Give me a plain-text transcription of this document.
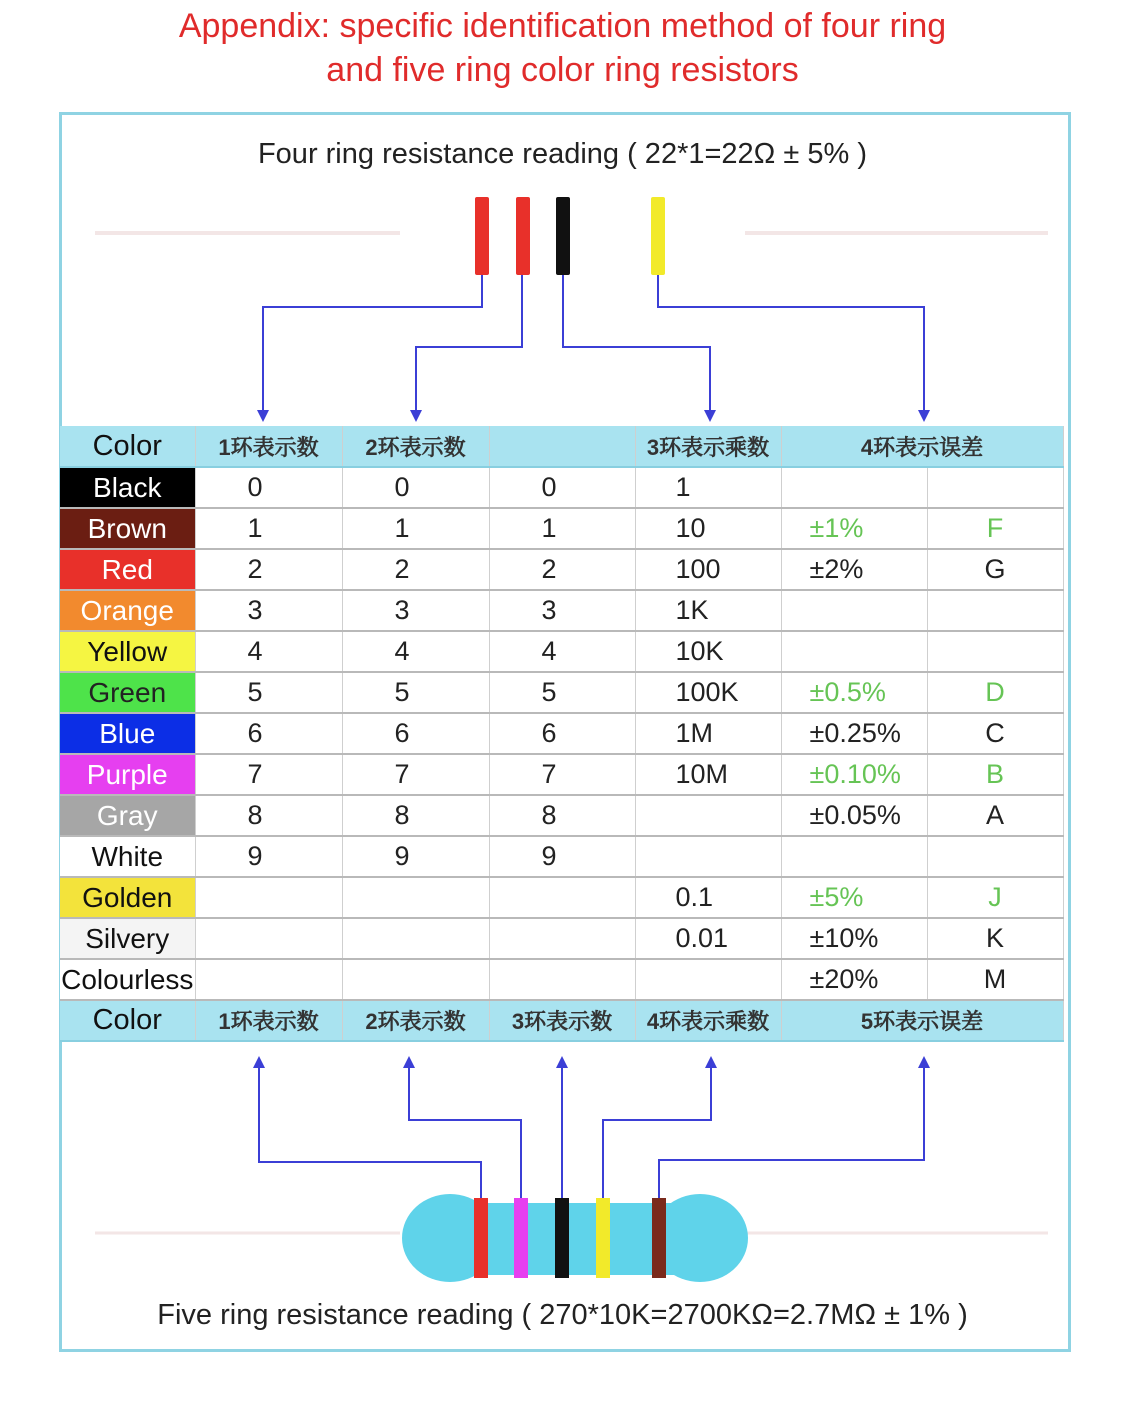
Appendix: specific identification method of four ring
and five ring color ring resistors
Four ring resistance reading ( 22*1=22Ω ± 5% )
Color	1环表示数	2环表示数		3环表示乘数	4环表示误差	
Black	0	0	0	1		
Brown	1	1	1	10	±1%	F
Red	2	2	2	100	±2%	G
Orange	3	3	3	1K		
Yellow	4	4	4	10K		
Green	5	5	5	100K	±0.5%	D
Blue	6	6	6	1M	±0.25%	C
Purple	7	7	7	10M	±0.10%	B
Gray	8	8	8		±0.05%	A
White	9	9	9			
Golden				0.1	±5%	J
Silvery				0.01	±10%	K
Colourless					±20%	M
Color	1环表示数	2环表示数	3环表示数	4环表示乘数	5环表示误差	
Five ring resistance reading ( 270*10K=2700KΩ=2.7MΩ ± 1% )
